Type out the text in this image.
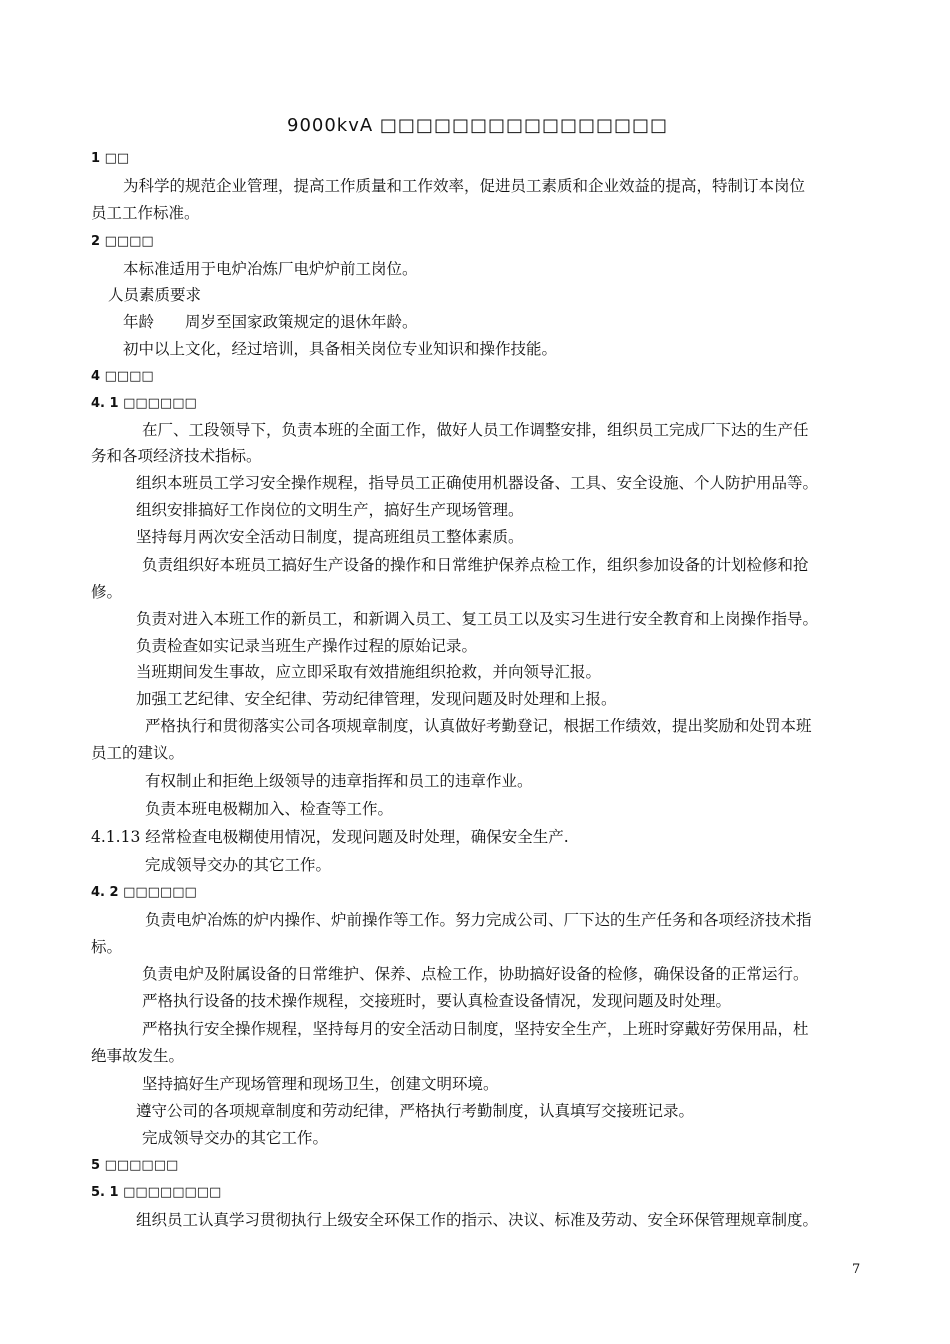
9000kvA □□□□□□□□□□□□□□□□
1 □□
为科学的规范企业管理，提高工作质量和工作效率，促进员工素质和企业效益的提高，特制订本岗位
员工工作标准。
2 □□□□
本标准适用于电炉冶炼厂电炉炉前工岗位。
人员素质要求
年龄　　周岁至国家政策规定的退休年龄。
初中以上文化，经过培训，具备相关岗位专业知识和操作技能。
4 □□□□
4. 1 □□□□□□
在厂、工段领导下，负责本班的全面工作，做好人员工作调整安排，组织员工完成厂下达的生产任
务和各项经济技术指标。
组织本班员工学习安全操作规程，指导员工正确使用机器设备、工具、安全设施、个人防护用品等。
组织安排搞好工作岗位的文明生产，搞好生产现场管理。
坚持每月两次安全活动日制度，提高班组员工整体素质。
负责组织好本班员工搞好生产设备的操作和日常维护保养点检工作，组织参加设备的计划检修和抢
修。
负责对进入本班工作的新员工，和新调入员工、复工员工以及实习生进行安全教育和上岗操作指导。
负责检查如实记录当班生产操作过程的原始记录。
当班期间发生事故，应立即采取有效措施组织抢救，并向领导汇报。
加强工艺纪律、安全纪律、劳动纪律管理，发现问题及时处理和上报。
严格执行和贯彻落实公司各项规章制度，认真做好考勤登记，根据工作绩效，提出奖励和处罚本班
员工的建议。
有权制止和拒绝上级领导的违章指挥和员工的违章作业。
负责本班电极糊加入、检查等工作。
4.1.13 经常检查电极糊使用情况，发现问题及时处理，确保安全生产.
完成领导交办的其它工作。
4. 2 □□□□□□
负责电炉冶炼的炉内操作、炉前操作等工作。努力完成公司、厂下达的生产任务和各项经济技术指
标。
负责电炉及附属设备的日常维护、保养、点检工作，协助搞好设备的检修，确保设备的正常运行。
严格执行设备的技术操作规程，交接班时，要认真检查设备情况，发现问题及时处理。
严格执行安全操作规程，坚持每月的安全活动日制度，坚持安全生产，上班时穿戴好劳保用品，杜
绝事故发生。
坚持搞好生产现场管理和现场卫生，创建文明环境。
遵守公司的各项规章制度和劳动纪律，严格执行考勤制度，认真填写交接班记录。
完成领导交办的其它工作。
5 □□□□□□
5. 1 □□□□□□□□
组织员工认真学习贯彻执行上级安全环保工作的指示、决议、标准及劳动、安全环保管理规章制度。
7
